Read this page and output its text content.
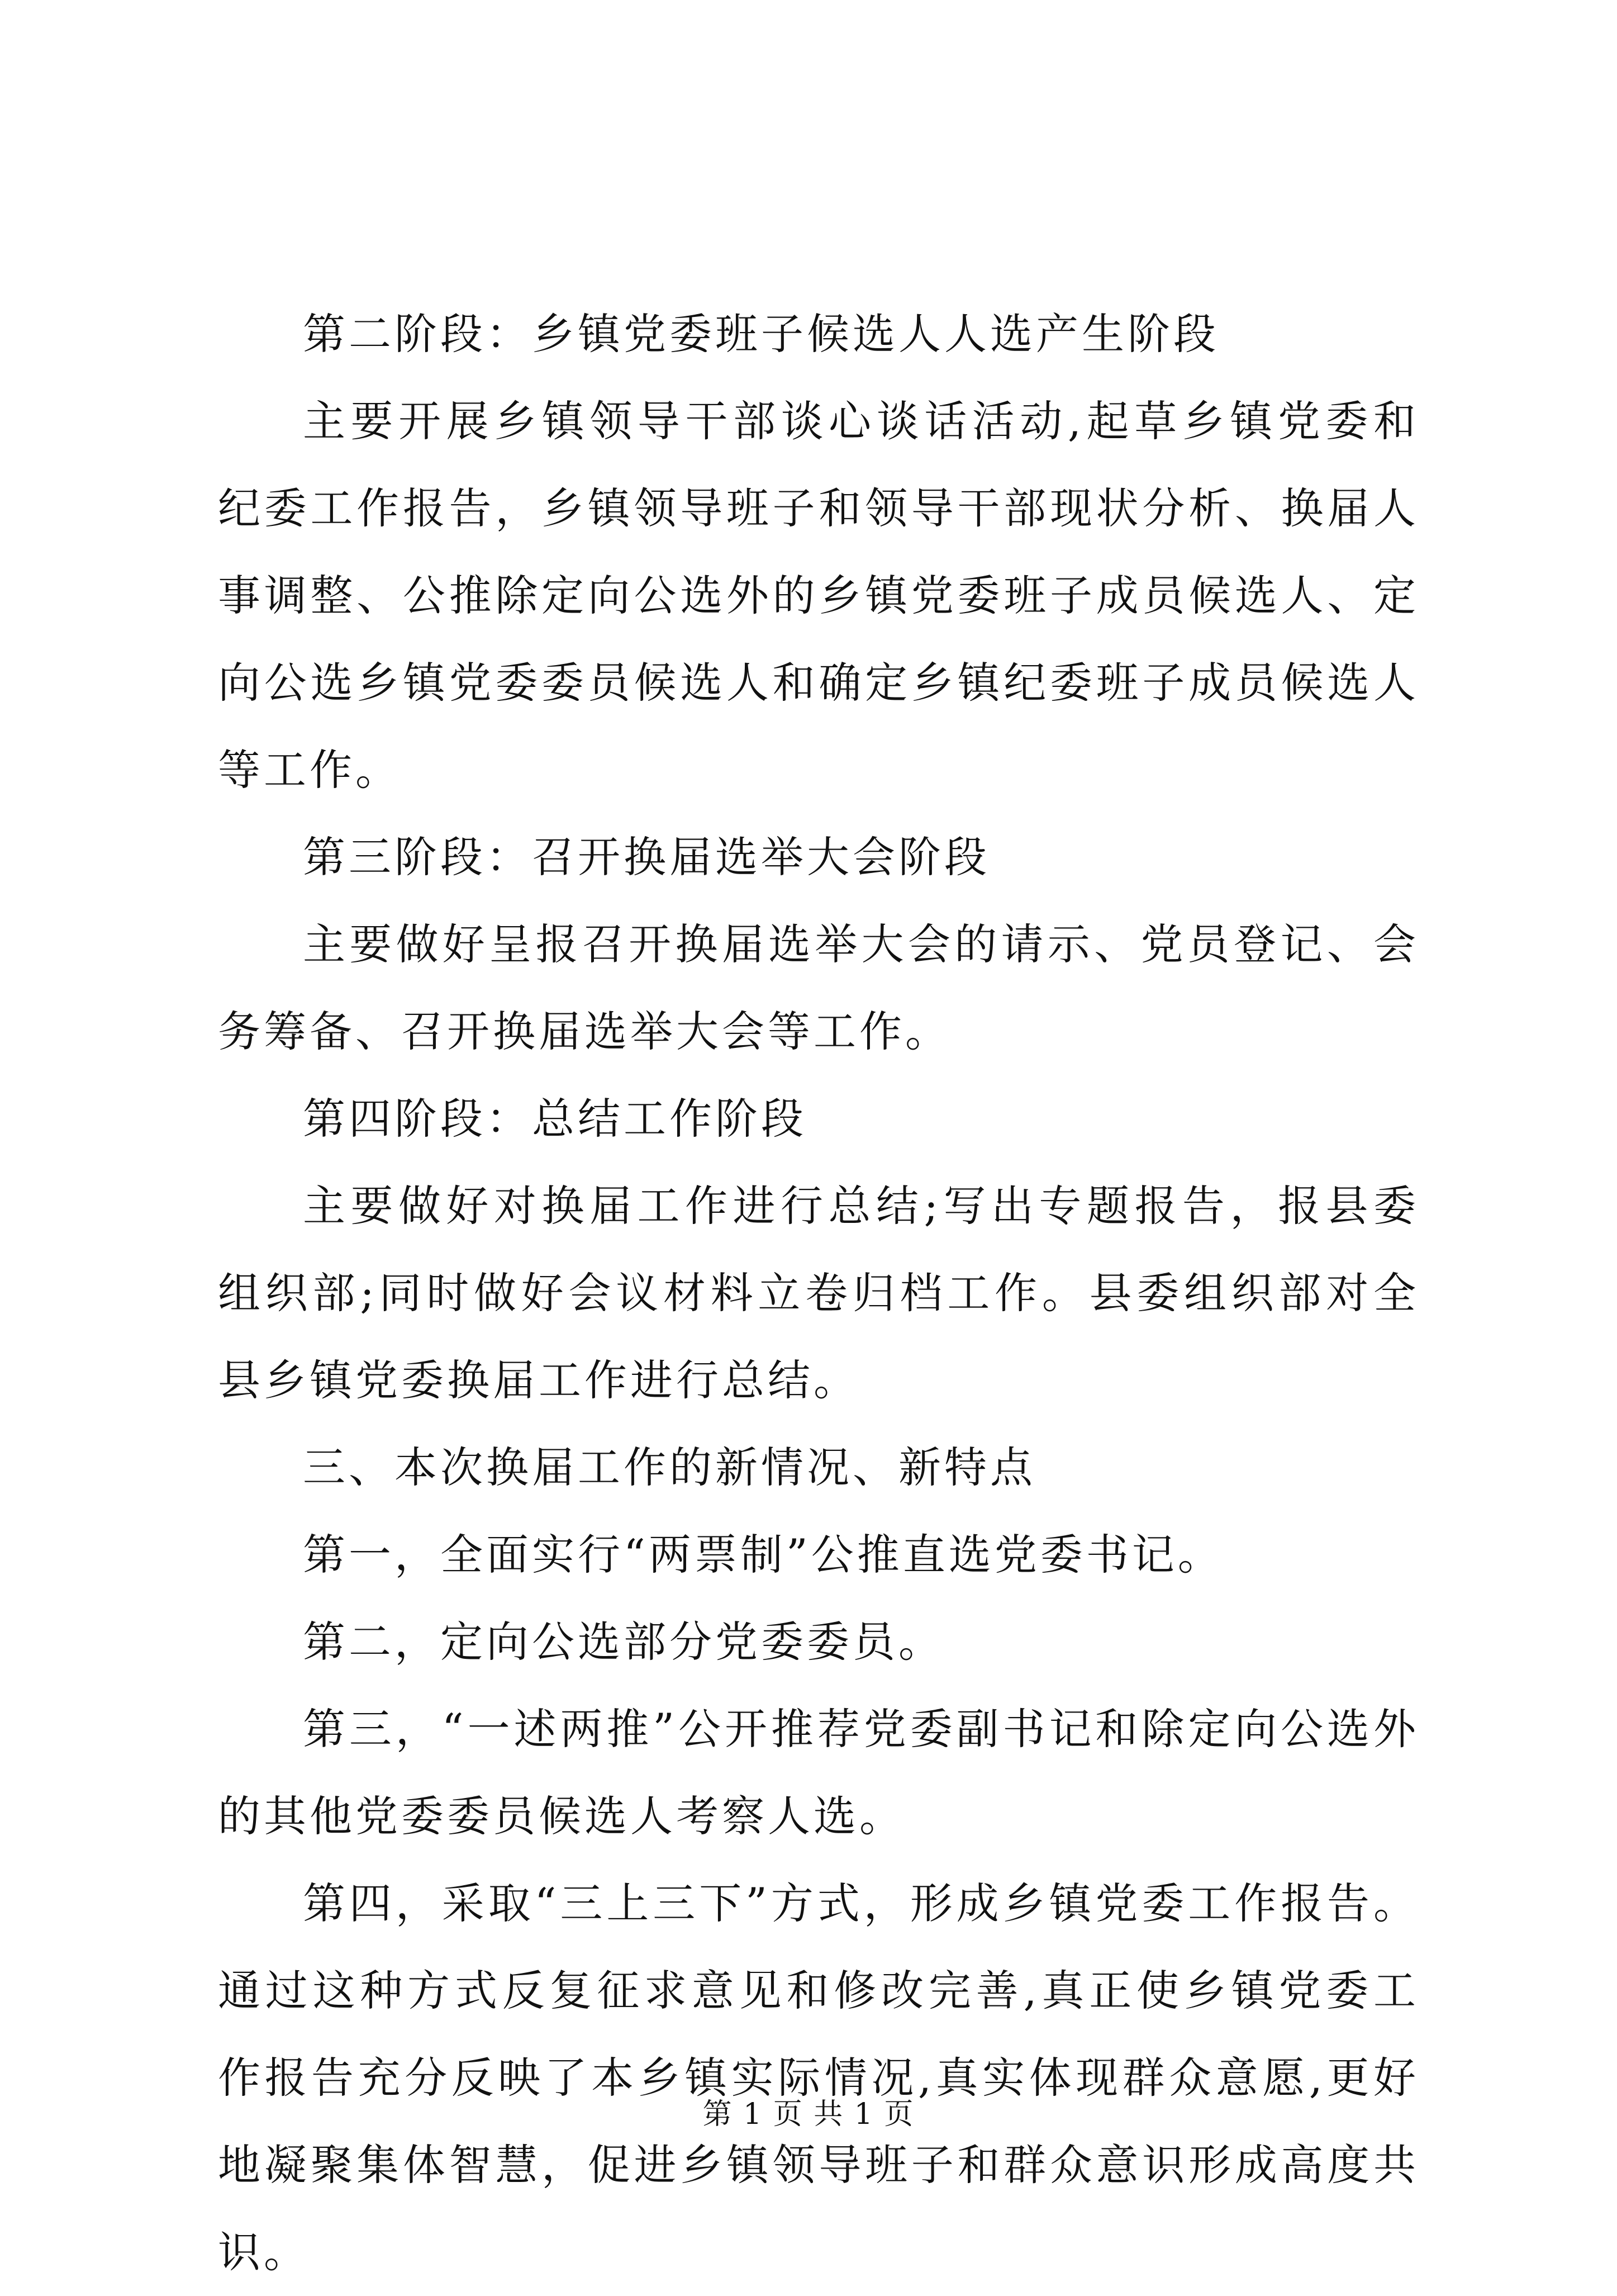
第二阶段：乡镇党委班子候选人人选产生阶段

主要开展乡镇领导干部谈心谈话活动,起草乡镇党委和纪委工作报告，乡镇领导班子和领导干部现状分析、换届人事调整、公推除定向公选外的乡镇党委班子成员候选人、定向公选乡镇党委委员候选人和确定乡镇纪委班子成员候选人等工作。

第三阶段：召开换届选举大会阶段

主要做好呈报召开换届选举大会的请示、党员登记、会务筹备、召开换届选举大会等工作。

第四阶段：总结工作阶段

主要做好对换届工作进行总结;写出专题报告，报县委组织部;同时做好会议材料立卷归档工作。县委组织部对全县乡镇党委换届工作进行总结。

三、本次换届工作的新情况、新特点

第一，全面实行“两票制”公推直选党委书记。

第二，定向公选部分党委委员。

第三，“一述两推”公开推荐党委副书记和除定向公选外的其他党委委员候选人考察人选。

第四，采取“三上三下”方式，形成乡镇党委工作报告。通过这种方式反复征求意见和修改完善,真正使乡镇党委工作报告充分反映了本乡镇实际情况,真实体现群众意愿,更好地凝聚集体智慧，促进乡镇领导班子和群众意识形成高度共识。

第 1 页 共 1 页
